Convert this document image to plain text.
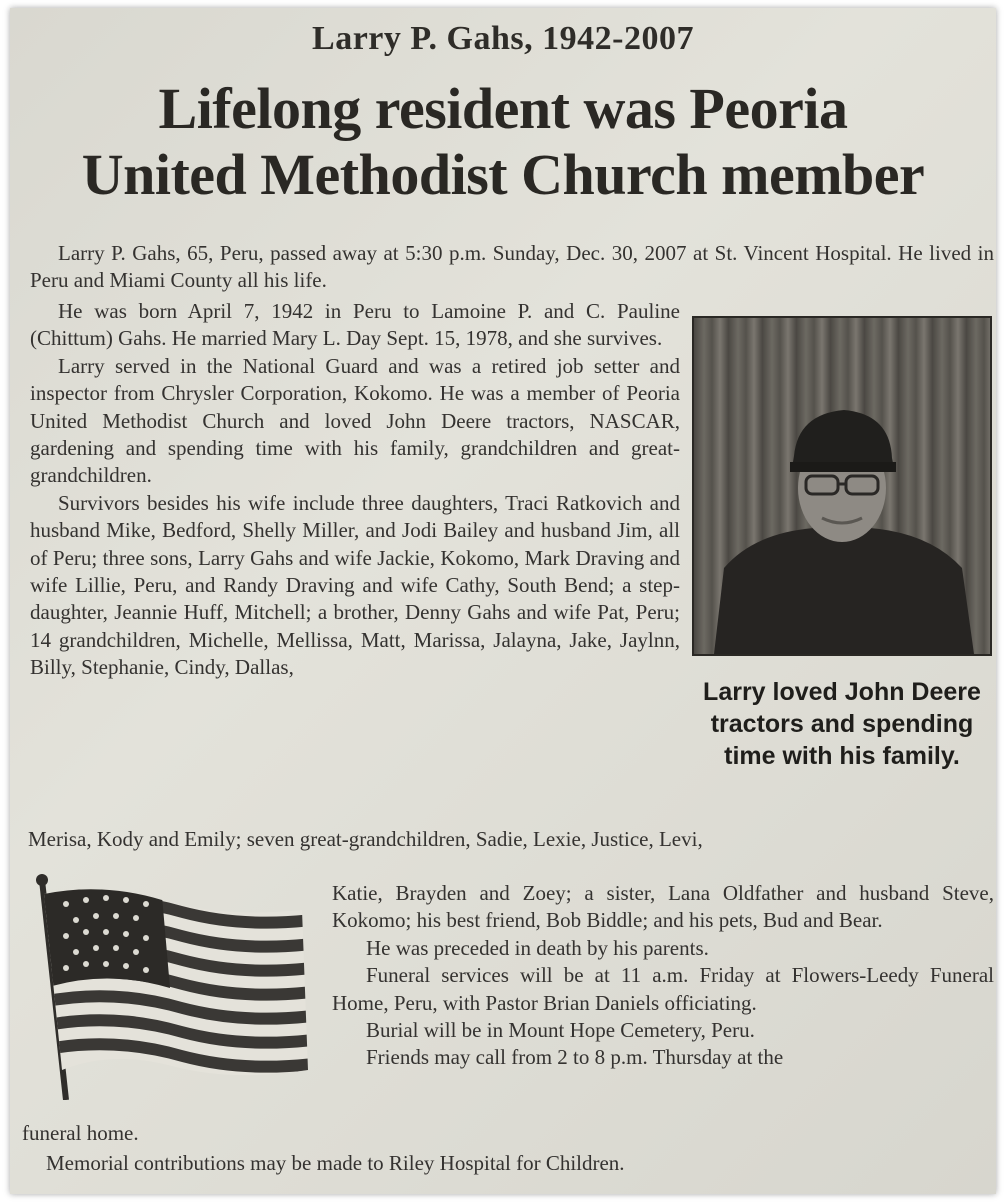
Larry P. Gahs, 1942-2007
Lifelong resident was Peoria
United Methodist Church member
Larry P. Gahs, 65, Peru, passed away at 5:30 p.m. Sunday, Dec. 30, 2007 at St. Vincent Hospital. He lived in Peru and Miami County all his life.

He was born April 7, 1942 in Peru to Lamoine P. and C. Pauline (Chittum) Gahs. He married Mary L. Day Sept. 15, 1978, and she survives.

Larry served in the National Guard and was a retired job setter and inspector from Chrysler Corporation, Kokomo. He was a member of Peoria United Methodist Church and loved John Deere tractors, NASCAR, gardening and spending time with his family, grandchildren and great-grandchildren.

Survivors besides his wife include three daughters, Traci Ratkovich and husband Mike, Bedford, Shelly Miller, and Jodi Bailey and husband Jim, all of Peru; three sons, Larry Gahs and wife Jackie, Kokomo, Mark Draving and wife Lillie, Peru, and Randy Draving and wife Cathy, South Bend; a step-daughter, Jeannie Huff, Mitchell; a brother, Denny Gahs and wife Pat, Peru; 14 grandchildren, Michelle, Mellissa, Matt, Marissa, Jalayna, Jake, Jaylnn, Billy, Stephanie, Cindy, Dallas,

Larry loved John Deere tractors and spending time with his family.

Merisa, Kody and Emily; seven great-grandchildren, Sadie, Lexie, Justice, Levi,

Katie, Brayden and Zoey; a sister, Lana Oldfather and husband Steve, Kokomo; his best friend, Bob Biddle; and his pets, Bud and Bear.

He was preceded in death by his parents.

Funeral services will be at 11 a.m. Friday at Flowers-Leedy Funeral Home, Peru, with Pastor Brian Daniels officiating.

Burial will be in Mount Hope Cemetery, Peru.

Friends may call from 2 to 8 p.m. Thursday at the

funeral home.
Memorial contributions may be made to Riley Hospital for Children.
